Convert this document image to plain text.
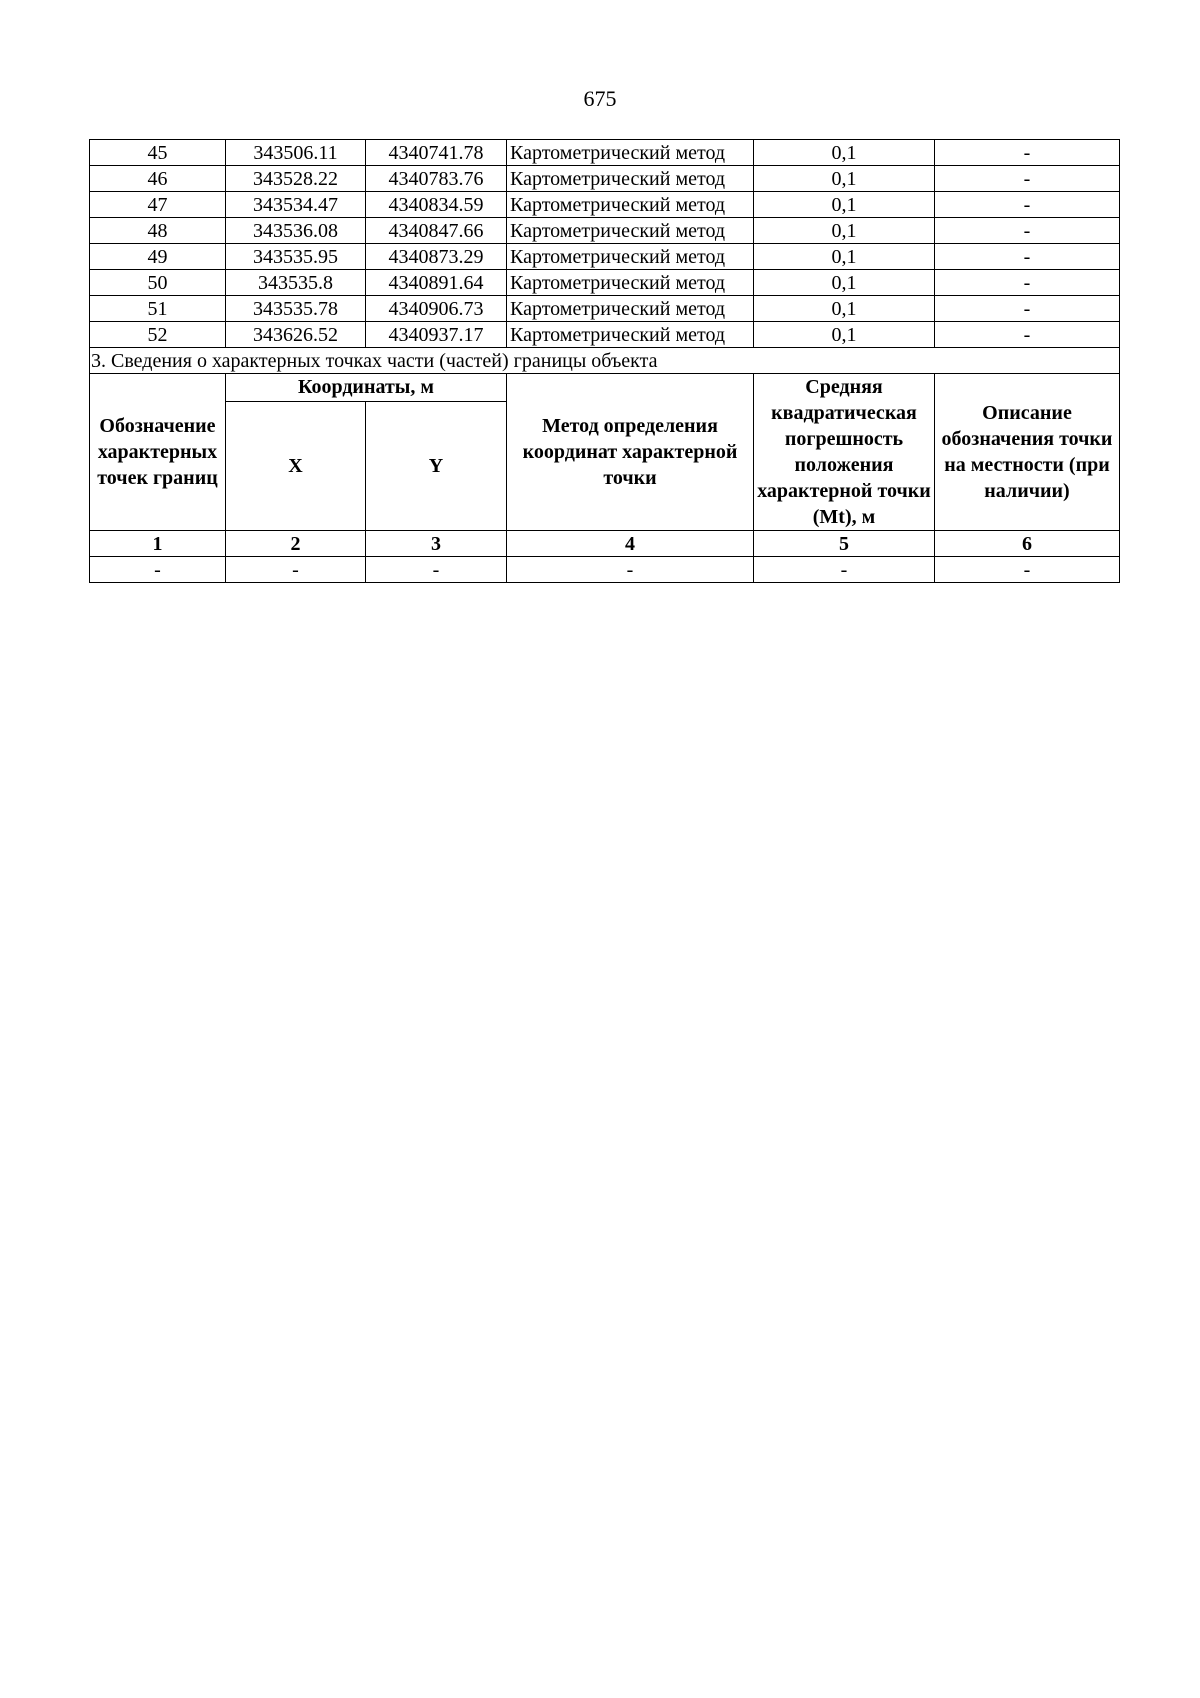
675
45	343506.11	4340741.78	Картометрический метод	0,1	-
46	343528.22	4340783.76	Картометрический метод	0,1	-
47	343534.47	4340834.59	Картометрический метод	0,1	-
48	343536.08	4340847.66	Картометрический метод	0,1	-
49	343535.95	4340873.29	Картометрический метод	0,1	-
50	343535.8	4340891.64	Картометрический метод	0,1	-
51	343535.78	4340906.73	Картометрический метод	0,1	-
52	343626.52	4340937.17	Картометрический метод	0,1	-
3. Сведения о характерных точках части (частей) границы объекта					
Обозначение характерных точек границ	Координаты, м		Метод определения координат характерной точки	Средняя квадратическая погрешность положения характерной точки (Mt), м	Описание обозначения точки на местности (при наличии)
	X	Y			
1	2	3	4	5	6
-	-	-	-	-	-
